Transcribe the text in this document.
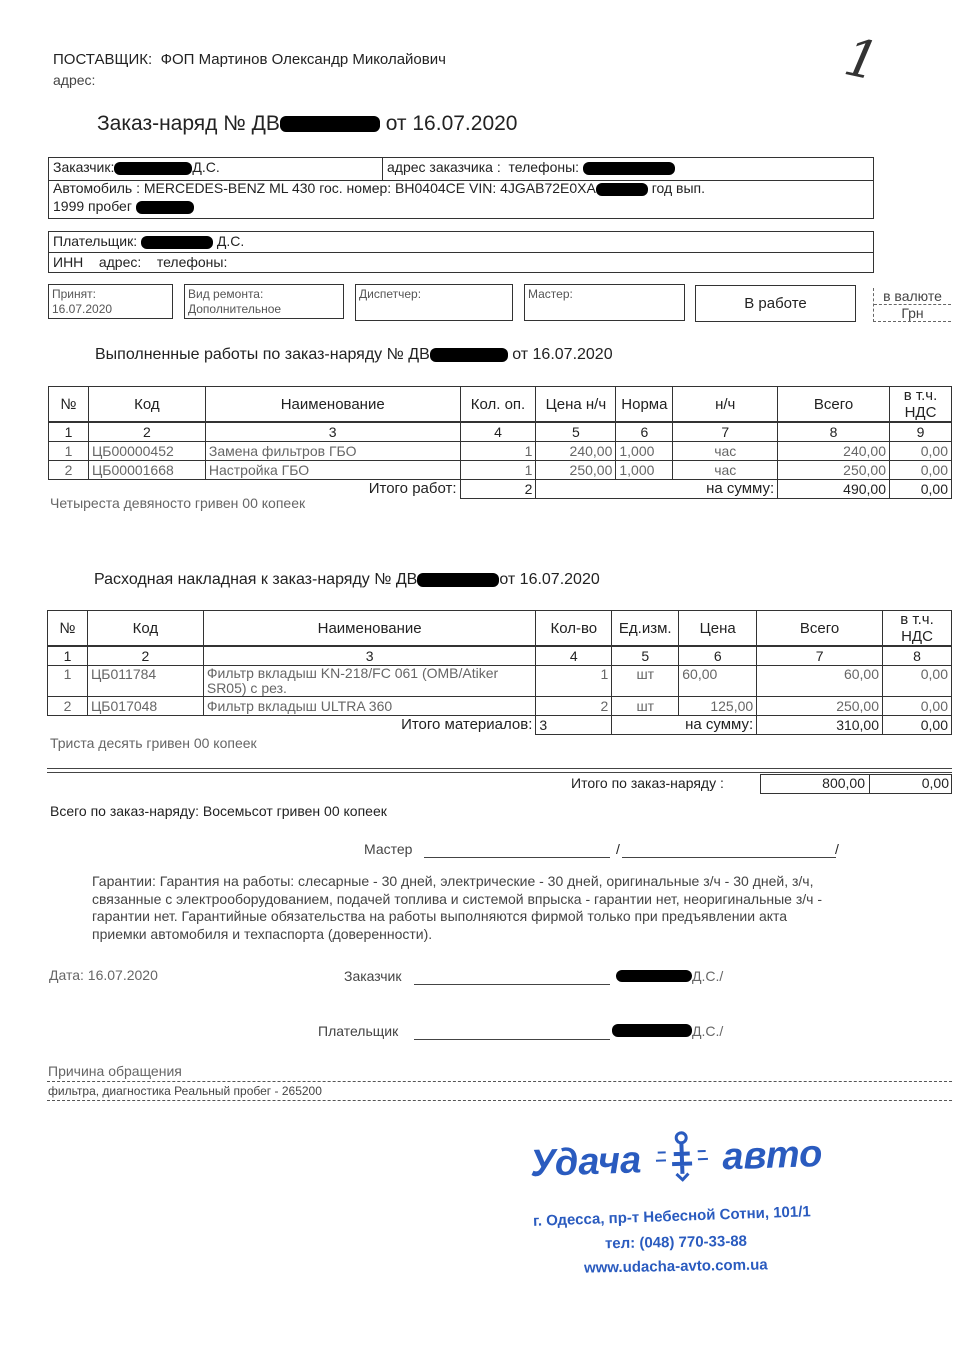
ПОСТАВЩИК: ФОП Мартинов Олександр Миколайович
адрес:	1
Заказ-наряд № ДВ	от 16.07.2020
Заказчик:	Д.С.	адрес заказчика : телефоны:
Автомобиль : MERCEDES-BENZ ML 430 гос. номер: BH0404CE VIN: 4JGAB72E0XA	год вып.
1999 пробег
Плательщик:	Д.С.
ИНН    адрес:    телефоны:
Принят:
16.07.2020
Вид ремонта:
Дополнительное
Диспетчер:	Мастер:
В работе	в валюте
Грн
Выполненные работы по заказ-наряду № ДВ	от 16.07.2020
№	Код	Наименование	Кол. оп.	Цена н/ч	Норма	н/ч	Всего	в т.ч. НДС
1	2	3	4	5	6	7	8	9
1	ЦБ00000452	Замена фильтров ГБО	1	240,00	1,000	час	240,00	0,00
2	ЦБ00001668	Настройка ГБО	1	250,00	1,000	час	250,00	0,00
Итого работ:			2	на сумму:			490,00	0,00
Четыреста девяносто гривен 00 копеек
Расходная накладная к заказ-наряду № ДВ	от 16.07.2020
№	Код	Наименование	Кол-во	Ед.изм.	Цена	Всего	в т.ч. НДС
1	2	3	4	5	6	7	8
1	ЦБ011784	Фильтр вкладыш KN-218/FC 061 (OMB/Atiker SR05) с рез.	1	шт	60,00	60,00	0,00
2	ЦБ017048	Фильтр вкладыш ULTRA 360	2	шт	125,00	250,00	0,00
Итого материалов:			3	на сумму:		310,00	0,00
Триста десять гривен 00 копеек
Итого по заказ-наряду :	800,00	0,00
Всего по заказ-наряду: Восемьсот гривен 00 копеек
Мастер	/	/
Гарантии: Гарантия на работы: слесарные - 30 дней, электрические - 30 дней, оригинальные з/ч - 30 дней, з/ч,
связанные с электрооборудованием, подачей топлива и системой впрыска - гарантии нет, неоригинальные з/ч -
гарантии нет. Гарантийные обязательства на работы выполняются фирмой только при предъявлении акта
приемки автомобиля и техпаспорта (доверенности).
Дата: 16.07.2020	Заказчик	Д.С./
Плательщик	Д.С./
Причина обращения
фильтра, диагностика Реальный пробег - 265200
​
Удача авто
г. Одесса, пр-т Небесной Сотни, 101/1
тел: (048) 770-33-88
www.udacha-avto.com.ua
